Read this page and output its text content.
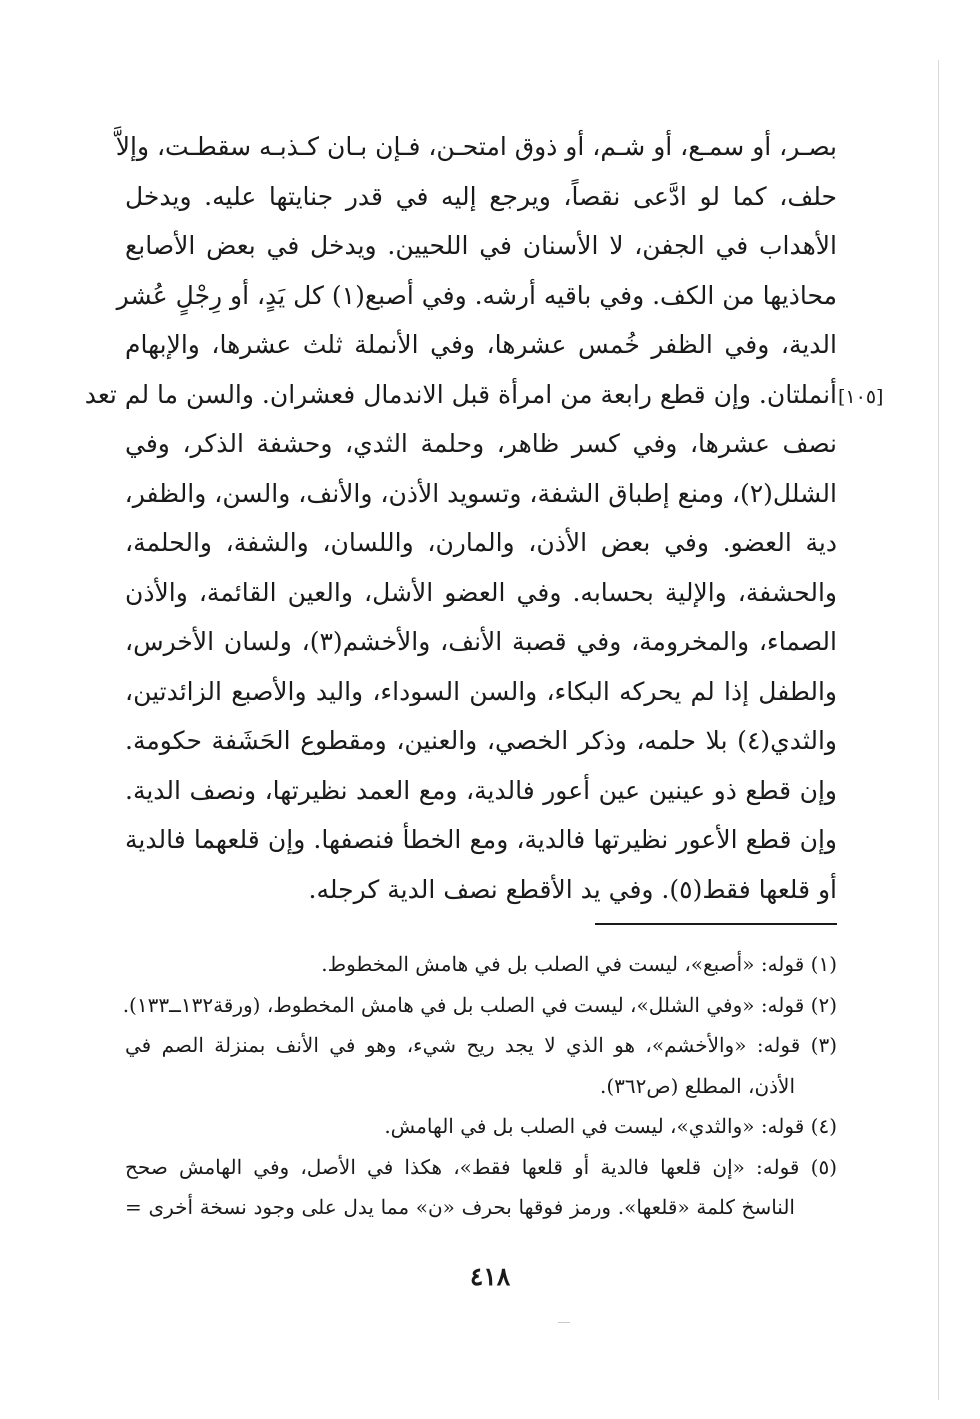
[١٠٥]
بصـر، أو سمـع، أو شـم، أو ذوق امتحـن، فـإن بـان كـذبـه سقطـت، وإلاَّ
حلف، كما لو ادَّعى نقصاً، ويرجع إليه في قدر جنايتها عليه. ويدخل
الأهداب في الجفن، لا الأسنان في اللحيين. ويدخل في بعض الأصابع
محاذيها من الكف. وفي باقيه أرشه. وفي أصبع(١) كل يَدٍ، أو رِجْلٍ عُشر
الدية، وفي الظفر خُمس عشرها، وفي الأنملة ثلث عشرها، والإبهام
أنملتان. وإن قطع رابعة من امرأة قبل الاندمال فعشران. والسن ما لم تعد
نصف عشرها، وفي كسر ظاهر، وحلمة الثدي، وحشفة الذكر، وفي
الشلل(٢)، ومنع إطباق الشفة، وتسويد الأذن، والأنف، والسن، والظفر،
دية العضو. وفي بعض الأذن، والمارن، واللسان، والشفة، والحلمة،
والحشفة، والإلية بحسابه. وفي العضو الأشل، والعين القائمة، والأذن
الصماء، والمخرومة، وفي قصبة الأنف، والأخشم(٣)، ولسان الأخرس،
والطفل إذا لم يحركه البكاء، والسن السوداء، واليد والأصبع الزائدتين،
والثدي(٤) بلا حلمه، وذكر الخصي، والعنين، ومقطوع الحَشَفة حكومة.
وإن قطع ذو عينين عين أعور فالدية، ومع العمد نظيرتها، ونصف الدية.
وإن قطع الأعور نظيرتها فالدية، ومع الخطأ فنصفها. وإن قلعهما فالدية
أو قلعها فقط(٥). وفي يد الأقطع نصف الدية كرجله.
(١) قوله: «أصبع»، ليست في الصلب بل في هامش المخطوط.
(٢) قوله: «وفي الشلل»، ليست في الصلب بل في هامش المخطوط، (ورقة١٣٢ــ١٣٣).
(٣) قوله: «والأخشم»، هو الذي لا يجد ريح شيء، وهو في الأنف بمنزلة الصم في
الأذن، المطلع (ص٣٦٢).
(٤) قوله: «والثدي»، ليست في الصلب بل في الهامش.
(٥) قوله: «إن قلعها فالدية أو قلعها فقط»، هكذا في الأصل، وفي الهامش صحح
الناسخ كلمة «قلعها». ورمز فوقها بحرف «ن» مما يدل على وجود نسخة أخرى =
٤١٨
